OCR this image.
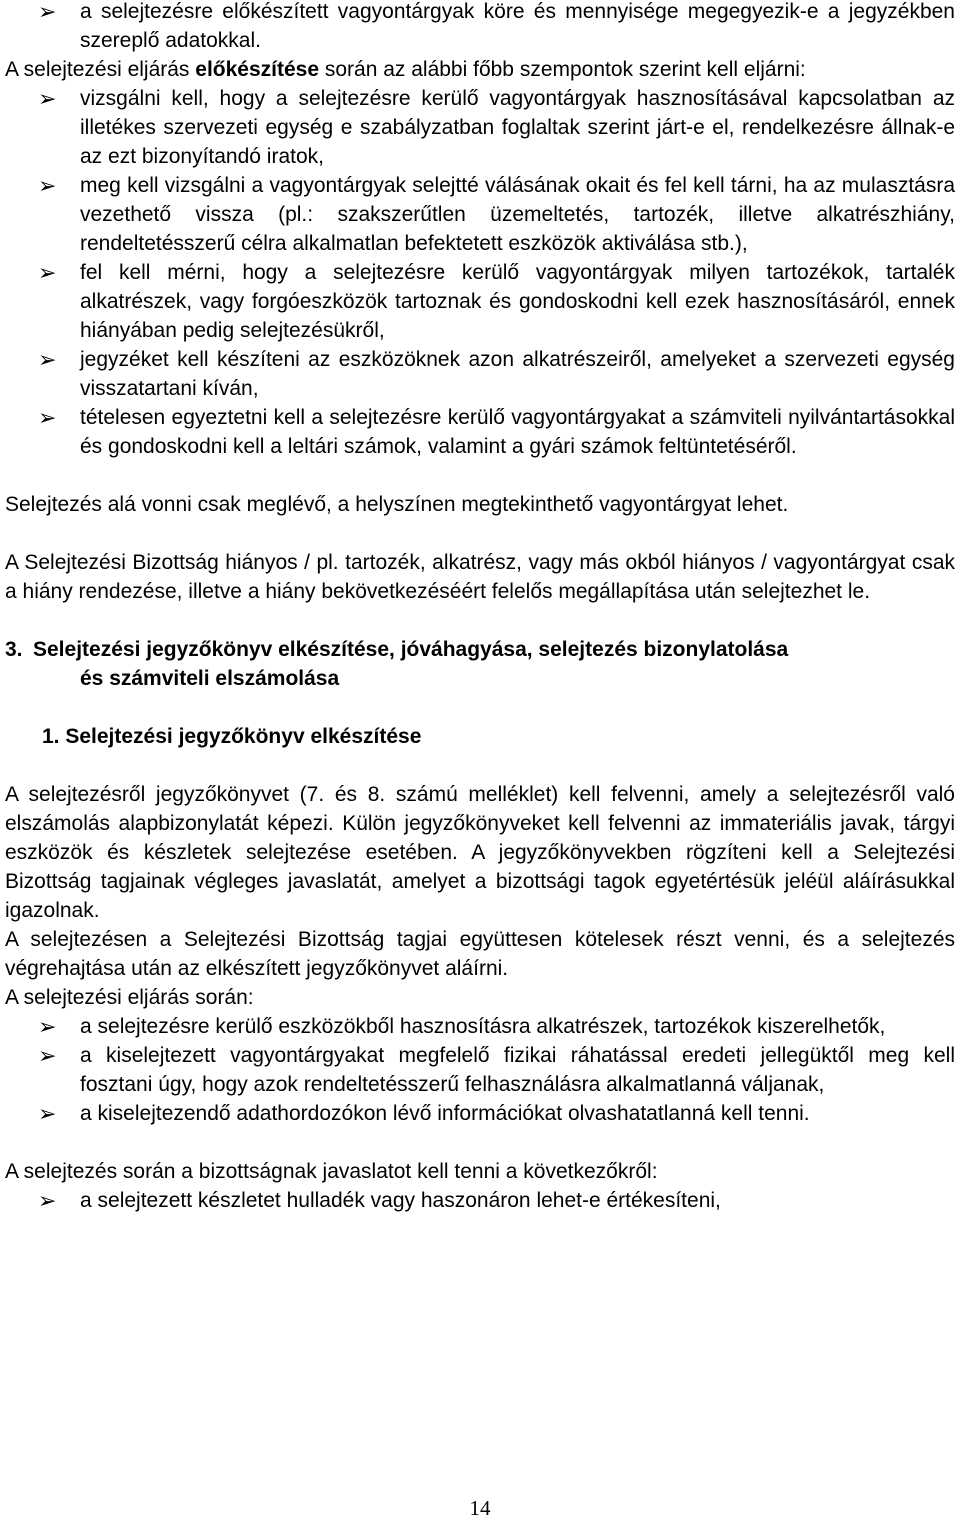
➢ a selejtezésre előkészített vagyontárgyak köre és mennyisége megegyezik-e a jegyzékben szereplő adatokkal.

A selejtezési eljárás előkészítése során az alábbi főbb szempontok szerint kell eljárni:

➢ vizsgálni kell, hogy a selejtezésre kerülő vagyontárgyak hasznosításával kapcsolatban az illetékes szervezeti egység e szabályzatban foglaltak szerint járt-e el, rendelkezésre állnak-e az ezt bizonyítandó iratok,
➢ meg kell vizsgálni a vagyontárgyak selejtté válásának okait és fel kell tárni, ha az mulasztásra vezethető vissza (pl.: szakszerűtlen üzemeltetés, tartozék, illetve alkatrészhiány, rendeltetésszerű célra alkalmatlan befektetett eszközök aktiválása stb.),
➢ fel kell mérni, hogy a selejtezésre kerülő vagyontárgyak milyen tartozékok, tartalék alkatrészek, vagy forgóeszközök tartoznak és gondoskodni kell ezek hasznosításáról, ennek hiányában pedig selejtezésükről,
➢ jegyzéket kell készíteni az eszközöknek azon alkatrészeiről, amelyeket a szervezeti egység visszatartani kíván,
➢ tételesen egyeztetni kell a selejtezésre kerülő vagyontárgyakat a számviteli nyilvántartásokkal és gondoskodni kell a leltári számok, valamint a gyári számok feltüntetéséről.

Selejtezés alá vonni csak meglévő, a helyszínen megtekinthető vagyontárgyat lehet.

A Selejtezési Bizottság hiányos / pl. tartozék, alkatrész, vagy más okból hiányos / vagyontárgyat csak a hiány rendezése, illetve a hiány bekövetkezéséért felelős megállapítása után selejtezhet le.

3. Selejtezési jegyzőkönyv elkészítése, jóváhagyása, selejtezés bizonylatolása
és számviteli elszámolása
1. Selejtezési jegyzőkönyv elkészítése

A selejtezésről jegyzőkönyvet (7. és 8. számú melléklet) kell felvenni, amely a selejtezésről való elszámolás alapbizonylatát képezi. Külön jegyzőkönyveket kell felvenni az immateriális javak, tárgyi eszközök és készletek selejtezése esetében. A jegyzőkönyvekben rögzíteni kell a Selejtezési Bizottság tagjainak végleges javaslatát, amelyet a bizottsági tagok egyetértésük jeléül aláírásukkal igazolnak.

A selejtezésen a Selejtezési Bizottság tagjai együttesen kötelesek részt venni, és a selejtezés végrehajtása után az elkészített jegyzőkönyvet aláírni.

A selejtezési eljárás során:

➢ a selejtezésre kerülő eszközökből hasznosításra alkatrészek, tartozékok kiszerelhetők,
➢ a kiselejtezett vagyontárgyakat megfelelő fizikai ráhatással eredeti jellegüktől meg kell fosztani úgy, hogy azok rendeltetésszerű felhasználásra alkalmatlanná váljanak,
➢ a kiselejtezendő adathordozókon lévő információkat olvashatatlanná kell tenni.

A selejtezés során a bizottságnak javaslatot kell tenni a következőkről:

➢ a selejtezett készletet hulladék vagy haszonáron lehet-e értékesíteni,
14
